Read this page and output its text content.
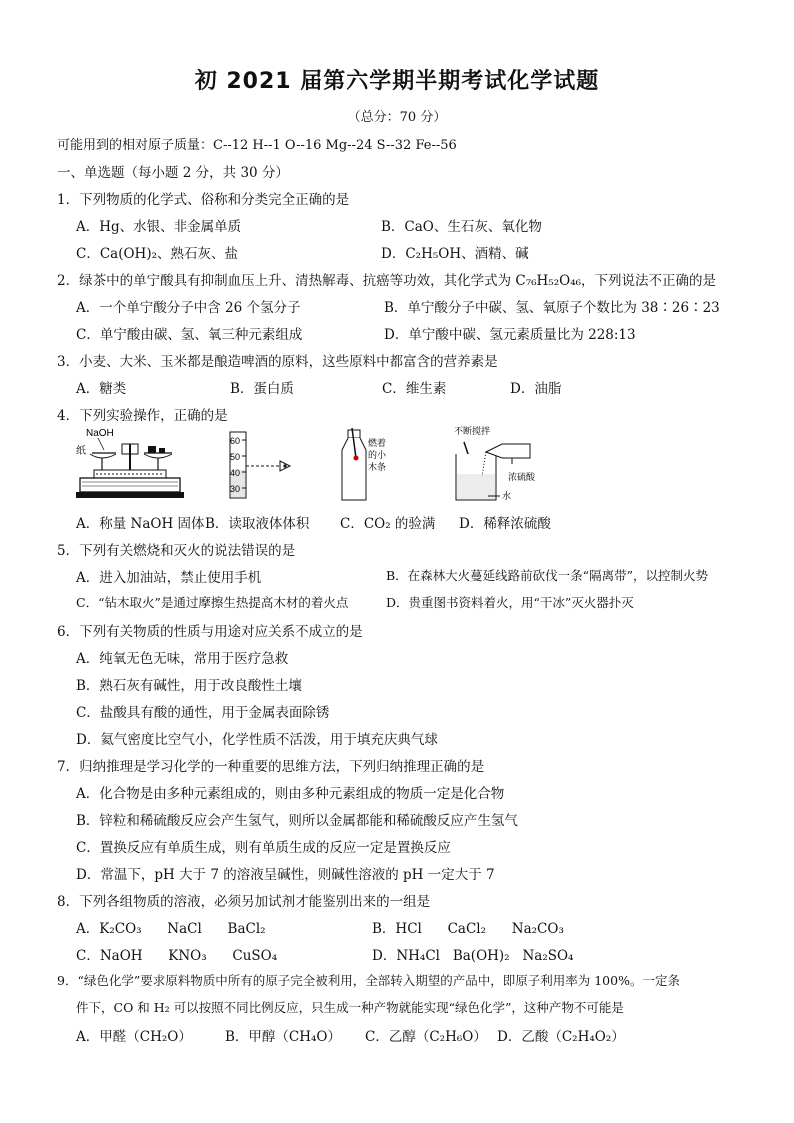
初 2021 届第六学期半期考试化学试题
（总分：70 分）
可能用到的相对原子质量：C--12 H--1 O--16 Mg--24 S--32 Fe--56
一、单选题（每小题 2 分，共 30 分）
1．下列物质的化学式、俗称和分类完全正确的是
A．Hg、水银、非金属单质	B．CaO、生石灰、氧化物
C．Ca(OH)₂、熟石灰、盐	D．C₂H₅OH、酒精、碱
2．绿茶中的单宁酸具有抑制血压上升、清热解毒、抗癌等功效，其化学式为 C₇₆H₅₂O₄₆，下列说法不正确的是
A．一个单宁酸分子中含 26 个氢分子	B．单宁酸分子中碳、氢、氧原子个数比为 38∶26∶23
C．单宁酸由碳、氢、氧三种元素组成	D．单宁酸中碳、氢元素质量比为 228:13
3．小麦、大米、玉米都是酿造啤酒的原料，这些原料中都富含的营养素是
A．糖类	B．蛋白质	C．维生素	D．油脂
4．下列实验操作，正确的是
NaOH
纸
60
50
40
30
燃着
的小
木条
不断搅拌
浓硫酸
水
A．称量 NaOH 固体 B．读取液体体积 C．CO₂ 的验满 D．稀释浓硫酸
5．下列有关燃烧和灭火的说法错误的是
A．进入加油站，禁止使用手机	B．在森林大火蔓延线路前砍伐一条“隔离带”，以控制火势
C．“钻木取火”是通过摩擦生热提高木材的着火点	D．贵重图书资料着火，用“干冰”灭火器扑灭
6．下列有关物质的性质与用途对应关系不成立的是
A．纯氧无色无味，常用于医疗急救
B．熟石灰有碱性，用于改良酸性土壤
C．盐酸具有酸的通性，用于金属表面除锈
D．氦气密度比空气小，化学性质不活泼，用于填充庆典气球
7．归纳推理是学习化学的一种重要的思维方法，下列归纳推理正确的是
A．化合物是由多种元素组成的，则由多种元素组成的物质一定是化合物
B．锌粒和稀硫酸反应会产生氢气，则所以金属都能和稀硫酸反应产生氢气
C．置换反应有单质生成，则有单质生成的反应一定是置换反应
D．常温下，pH 大于 7 的溶液呈碱性，则碱性溶液的 pH 一定大于 7
8．下列各组物质的溶液，必须另加试剂才能鉴别出来的一组是
A．K₂CO₃      NaCl      BaCl₂	B．HCl      CaCl₂      Na₂CO₃
C．NaOH      KNO₃      CuSO₄	D．NH₄Cl   Ba(OH)₂   Na₂SO₄
9．“绿色化学”要求原料物质中所有的原子完全被利用，全部转入期望的产品中，即原子利用率为 100%。一定条
件下，CO 和 H₂ 可以按照不同比例反应，只生成一种产物就能实现“绿色化学”，这种产物不可能是
A．甲醛（CH₂O） B．甲醇（CH₄O） C．乙醇（C₂H₆O） D．乙酸（C₂H₄O₂）
